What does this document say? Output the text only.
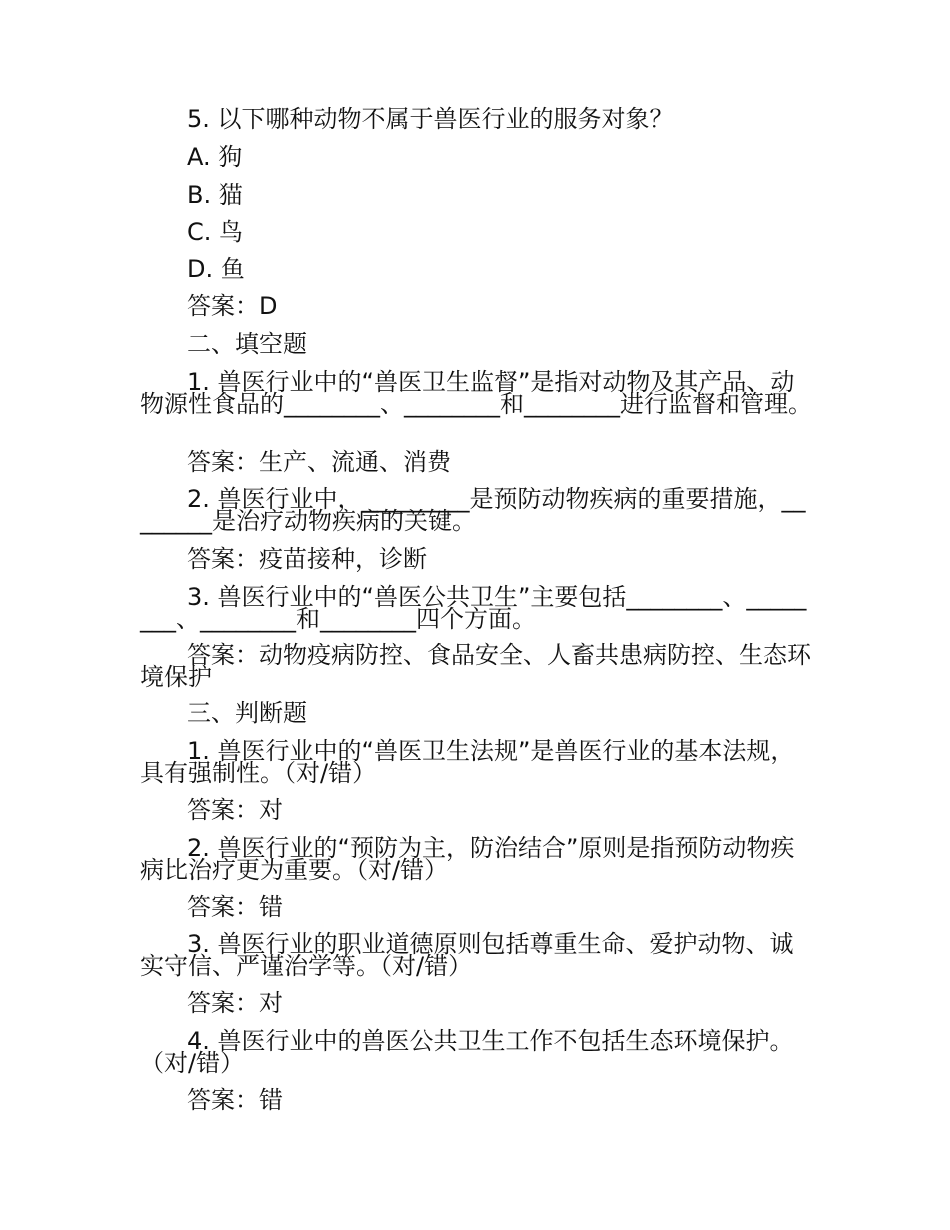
5. 以下哪种动物不属于兽医行业的服务对象？
A. 狗
B. 猫
C. 鸟
D. 鱼
答案：D
二、填空题
1. 兽医行业中的“兽医卫生监督”是指对动物及其产品、动物源性食品的________、________和________进行监督和管理。
答案：生产、流通、消费
2. 兽医行业中，_________是预防动物疾病的重要措施，________是治疗动物疾病的关键。
答案：疫苗接种，诊断
3. 兽医行业中的“兽医公共卫生”主要包括________、________、________和________四个方面。
答案：动物疫病防控、食品安全、人畜共患病防控、生态环境保护
三、判断题
1. 兽医行业中的“兽医卫生法规”是兽医行业的基本法规，具有强制性。（对/错）
答案：对
2. 兽医行业的“预防为主，防治结合”原则是指预防动物疾病比治疗更为重要。（对/错）
答案：错
3. 兽医行业的职业道德原则包括尊重生命、爱护动物、诚实守信、严谨治学等。（对/错）
答案：对
4. 兽医行业中的兽医公共卫生工作不包括生态环境保护。（对/错）
答案：错
